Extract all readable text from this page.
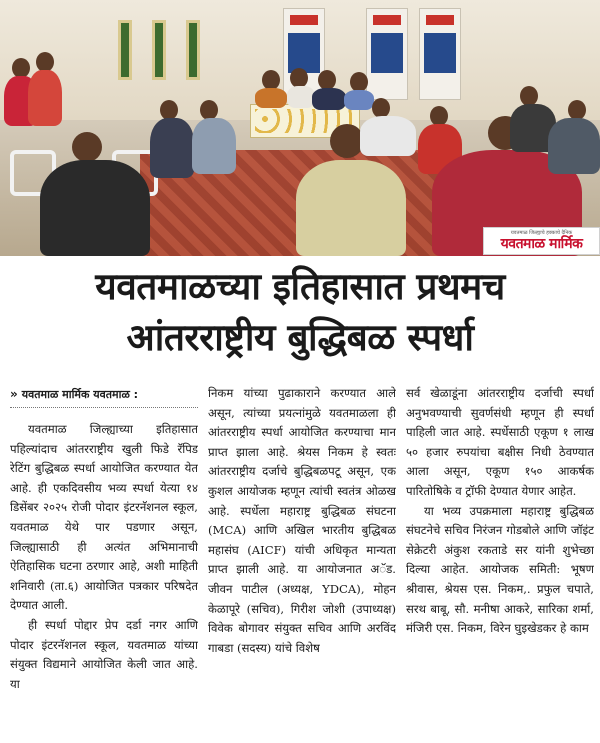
यवतमाळ जिल्ह्याचे हक्काचे दैनिक
यवतमाळ मार्मिक
यवतमाळच्या इतिहासात प्रथमच
आंतरराष्ट्रीय बुद्धिबळ स्पर्धा
» यवतमाळ मार्मिक यवतमाळ :

यवतमाळ जिल्ह्याच्या इतिहासात पहिल्यांदाच आंतरराष्ट्रीय खुली फिडे रॅपिड रेटिंग बुद्धिबळ स्पर्धा आयोजित करण्यात येत आहे. ही एकदिवसीय भव्य स्पर्धा येत्या १४ डिसेंबर २०२५ रोजी पोदार इंटरनॅशनल स्कूल, यवतमाळ येथे पार पडणार असून, जिल्ह्यासाठी ही अत्यंत अभिमानाची ऐतिहासिक घटना ठरणार आहे, अशी माहिती शनिवारी (ता.६) आयोजित पत्रकार परिषदेत देण्यात आली.

ही स्पर्धा पोद्दार प्रेप दर्डा नगर आणि पोदार इंटरनॅशनल स्कूल, यवतमाळ यांच्या संयुक्त विद्यमाने आयोजित केली जात आहे. या

निकम यांच्या पुढाकाराने करण्यात आले असून, त्यांच्या प्रयत्नांमुळे यवतमाळला ही आंतरराष्ट्रीय स्पर्धा आयोजित करण्याचा मान प्राप्त झाला आहे. श्रेयस निकम हे स्वतः आंतरराष्ट्रीय दर्जाचे बुद्धिबळपटू असून, एक कुशल आयोजक म्हणून त्यांची स्वतंत्र ओळख आहे. स्पर्धेला महाराष्ट्र बुद्धिबळ संघटना (MCA) आणि अखिल भारतीय बुद्धिबळ महासंघ (AICF) यांची अधिकृत मान्यता प्राप्त झाली आहे. या आयोजनात अॅड. जीवन पाटील (अध्यक्ष, YDCA), मोहन केळापूरे (सचिव), गिरीश जोशी (उपाध्यक्ष) विवेक बोगावर संयुक्त सचिव आणि अरविंद गाबडा (सदस्य) यांचे विशेष

सर्व खेळाडूंना आंतरराष्ट्रीय दर्जाची स्पर्धा अनुभवण्याची सुवर्णसंधी म्हणून ही स्पर्धा पाहिली जात आहे. स्पर्धेसाठी एकूण १ लाख ५० हजार रुपयांचा बक्षीस निधी ठेवण्यात आला असून, एकूण १५० आकर्षक पारितोषिके व ट्रॉफी देण्यात येणार आहेत.

या भव्य उपक्रमाला महाराष्ट्र बुद्धिबळ संघटनेचे सचिव निरंजन गोडबोले आणि जॉइंट सेक्रेटरी अंकुश रकताडे सर यांनी शुभेच्छा दिल्या आहेत. आयोजक समिती: भूषण श्रीवास, श्रेयस एस. निकम,. प्रफुल चपाते, सरथ बाबू, सौ. मनीषा आकरे, सारिका शर्मा, मंजिरी एस. निकम, विरेन घुइखेडकर हे काम
